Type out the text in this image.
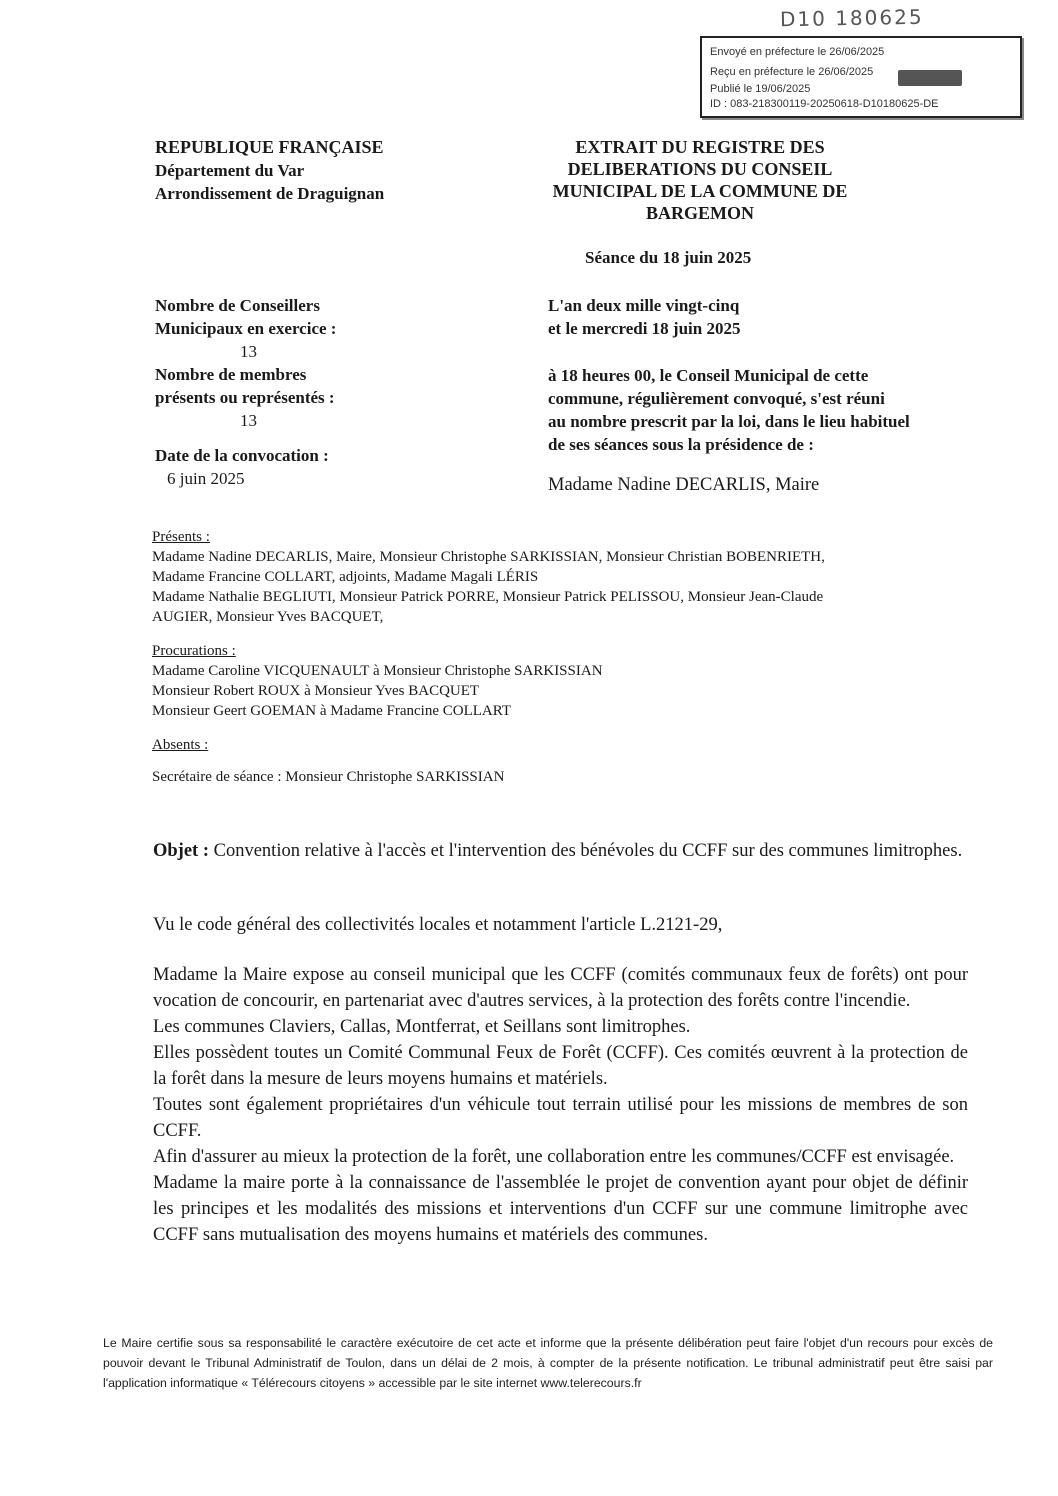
D10 180625

REPUBLIQUE FRANÇAISE

Département du Var

Arrondissement de Draguignan

EXTRAIT DU REGISTRE DES

DELIBERATIONS DU CONSEIL

MUNICIPAL DE LA COMMUNE DE

BARGEMON

Envoyé en préfecture le 26/06/2025

Reçu en préfecture le 26/06/2025

Publié le 19/06/2025

ID : 083-218300119-20250618-D10180625-DE

Séance du 18 juin 2025

Nombre de Conseillers

Municipaux en exercice :

13

Nombre de membres

présents ou représentés :

13

Date de la convocation :

6 juin 2025

L'an deux mille vingt-cinq

et le mercredi 18 juin 2025

à 18 heures 00, le Conseil Municipal de cette

commune, régulièrement convoqué, s'est réuni

au nombre prescrit par la loi, dans le lieu habituel

de ses séances sous la présidence de :

Madame Nadine DECARLIS, Maire

Présents :

Madame Nadine DECARLIS, Maire, Monsieur Christophe SARKISSIAN, Monsieur Christian BOBENRIETH,

Madame Francine COLLART, adjoints, Madame Magali LÉRIS

Madame Nathalie BEGLIUTI, Monsieur Patrick PORRE, Monsieur Patrick PELISSOU, Monsieur Jean-Claude

AUGIER, Monsieur Yves BACQUET,

Procurations :

Madame Caroline VICQUENAULT à Monsieur Christophe SARKISSIAN

Monsieur Robert ROUX à Monsieur Yves BACQUET

Monsieur Geert GOEMAN à Madame Francine COLLART

Absents :

Secrétaire de séance : Monsieur Christophe SARKISSIAN

Objet : Convention relative à l'accès et l'intervention des bénévoles du CCFF sur des communes limitrophes.
Vu le code général des collectivités locales et notamment l'article L.2121-29,

Madame la Maire expose au conseil municipal que les CCFF (comités communaux feux de forêts) ont pour vocation de concourir, en partenariat avec d'autres services, à la protection des forêts contre l'incendie.

Les communes Claviers, Callas, Montferrat, et Seillans sont limitrophes.

Elles possèdent toutes un Comité Communal Feux de Forêt (CCFF). Ces comités œuvrent à la protection de la forêt dans la mesure de leurs moyens humains et matériels.

Toutes sont également propriétaires d'un véhicule tout terrain utilisé pour les missions de membres de son CCFF.

Afin d'assurer au mieux la protection de la forêt, une collaboration entre les communes/CCFF est envisagée.

Madame la maire porte à la connaissance de l'assemblée le projet de convention ayant pour objet de définir les principes et les modalités des missions et interventions d'un CCFF sur une commune limitrophe avec CCFF sans mutualisation des moyens humains et matériels des communes.

Le Maire certifie sous sa responsabilité le caractère exécutoire de cet acte et informe que la présente délibération peut faire l'objet d'un recours pour excès de pouvoir devant le Tribunal Administratif de Toulon, dans un délai de 2 mois, à compter de la présente notification. Le tribunal administratif peut être saisi par l'application informatique « Télérecours citoyens » accessible par le site internet www.telerecours.fr
